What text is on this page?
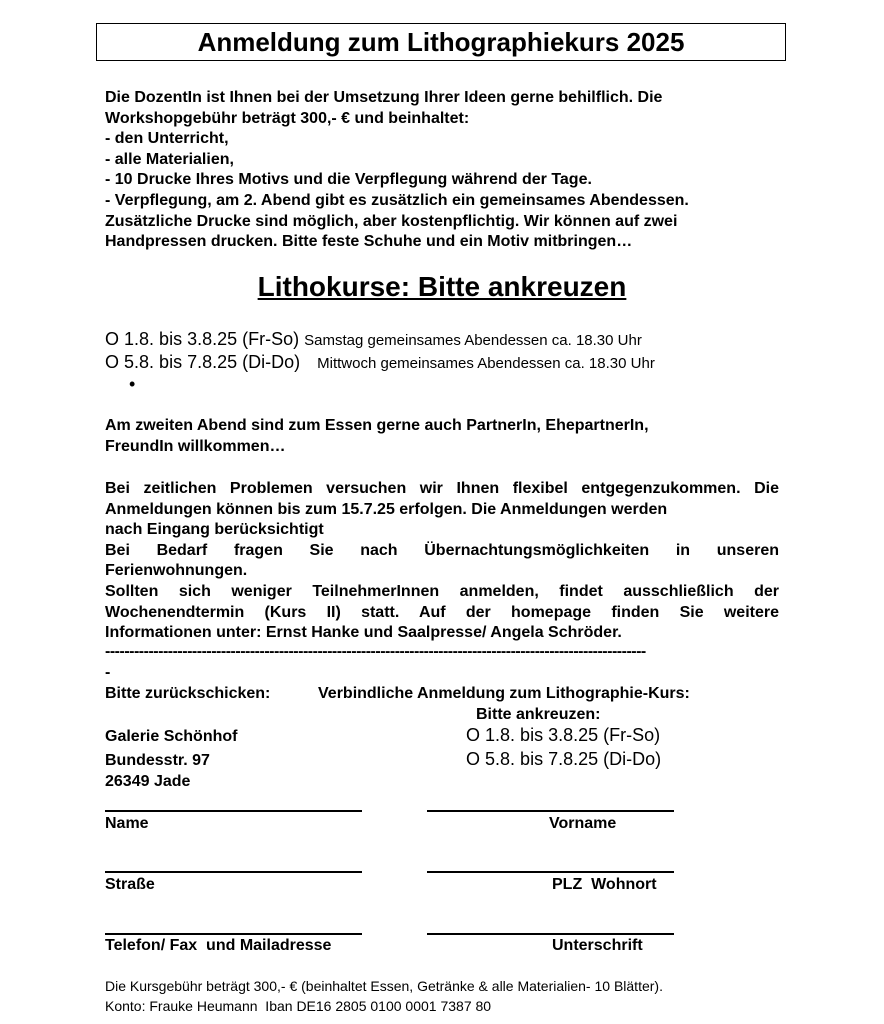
Anmeldung zum Lithographiekurs 2025
Die DozentIn ist Ihnen bei der Umsetzung Ihrer Ideen gerne behilflich. Die
Workshopgebühr beträgt 300,- € und beinhaltet:
- den Unterricht,
- alle Materialien,
- 10 Drucke Ihres Motivs und die Verpflegung während der Tage.
- Verpflegung, am 2. Abend gibt es zusätzlich ein gemeinsames Abendessen.
Zusätzliche Drucke sind möglich, aber kostenpflichtig. Wir können auf zwei
Handpressen drucken. Bitte feste Schuhe und ein Motiv mitbringen…
Lithokurse: Bitte ankreuzen
O 1.8. bis 3.8.25 (Fr-So) Samstag gemeinsames Abendessen ca. 18.30 Uhr
O 5.8. bis 7.8.25 (Di-Do) Mittwoch gemeinsames Abendessen ca. 18.30 Uhr
•
Am zweiten Abend sind zum Essen gerne auch PartnerIn, EhepartnerIn,
FreundIn willkommen…
Bei zeitlichen Problemen versuchen wir Ihnen flexibel entgegenzukommen. Die
Anmeldungen können bis zum 15.7.25 erfolgen. Die Anmeldungen werden
nach Eingang berücksichtigt
Bei Bedarf fragen Sie nach Übernachtungsmöglichkeiten in unseren
Ferienwohnungen.
Sollten sich weniger TeilnehmerInnen anmelden, findet ausschließlich der
Wochenendtermin (Kurs II) statt. Auf der homepage finden Sie weitere
Informationen unter: Ernst Hanke und Saalpresse/ Angela Schröder.
----------------------------------------------------------------------------------------------------------------
-
Bitte zurückschicken:	Verbindliche Anmeldung zum Lithographie-Kurs:
Bitte ankreuzen:
Galerie Schönhof
Bundesstr. 97
26349 Jade
O 1.8. bis 3.8.25 (Fr-So)
O 5.8. bis 7.8.25 (Di-Do)
Name	Vorname
Straße	PLZ  Wohnort
Telefon/ Fax  und Mailadresse	Unterschrift
Die Kursgebühr beträgt 300,- € (beinhaltet Essen, Getränke & alle Materialien- 10 Blätter).
Konto: Frauke Heumann  Iban DE16 2805 0100 0001 7387 80
